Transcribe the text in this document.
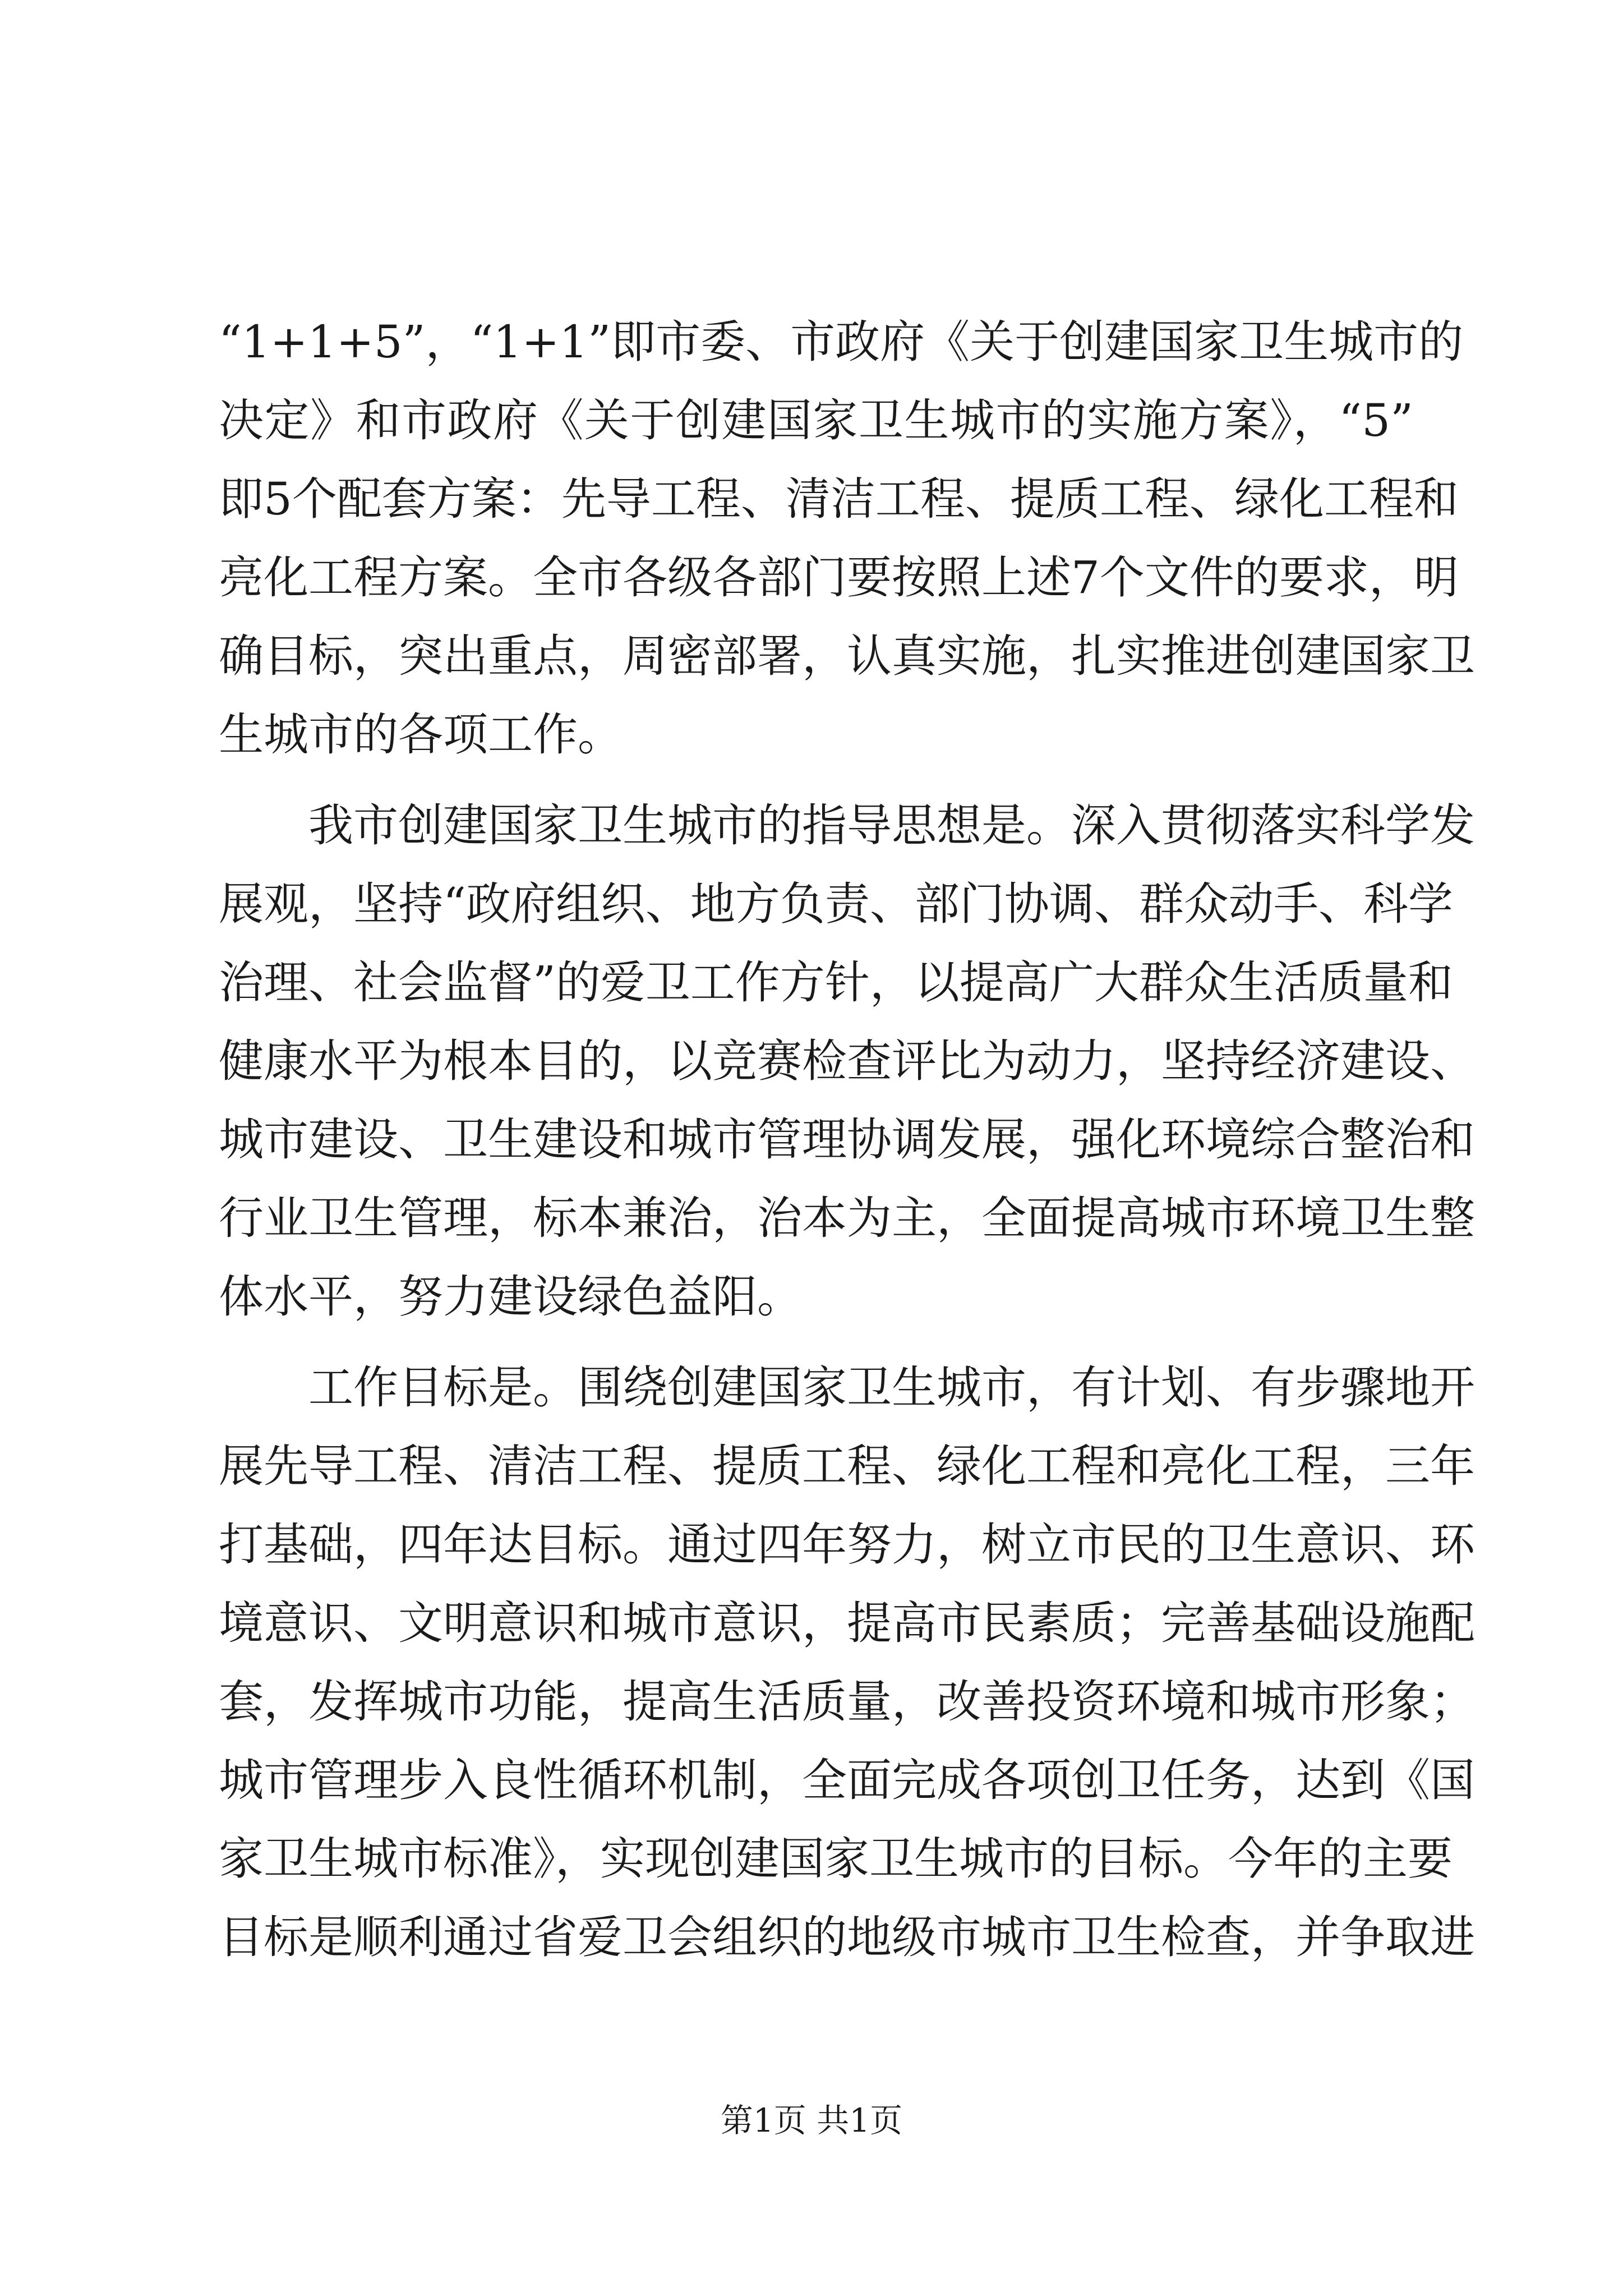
“1+1+5”，“1+1”即市委、市政府《关于创建国家卫生城市的
决定》和市政府《关于创建国家卫生城市的实施方案》，“5”
即5个配套方案：先导工程、清洁工程、提质工程、绿化工程和
亮化工程方案。全市各级各部门要按照上述7个文件的要求，明
确目标，突出重点，周密部署，认真实施，扎实推进创建国家卫
生城市的各项工作。
我市创建国家卫生城市的指导思想是。深入贯彻落实科学发
展观，坚持“政府组织、地方负责、部门协调、群众动手、科学
治理、社会监督”的爱卫工作方针，以提高广大群众生活质量和
健康水平为根本目的，以竞赛检查评比为动力，坚持经济建设、
城市建设、卫生建设和城市管理协调发展，强化环境综合整治和
行业卫生管理，标本兼治，治本为主，全面提高城市环境卫生整
体水平，努力建设绿色益阳。
工作目标是。围绕创建国家卫生城市，有计划、有步骤地开
展先导工程、清洁工程、提质工程、绿化工程和亮化工程，三年
打基础，四年达目标。通过四年努力，树立市民的卫生意识、环
境意识、文明意识和城市意识，提高市民素质；完善基础设施配
套，发挥城市功能，提高生活质量，改善投资环境和城市形象；
城市管理步入良性循环机制，全面完成各项创卫任务，达到《国
家卫生城市标准》，实现创建国家卫生城市的目标。今年的主要
目标是顺利通过省爱卫会组织的地级市城市卫生检查，并争取进
第1页 共1页
